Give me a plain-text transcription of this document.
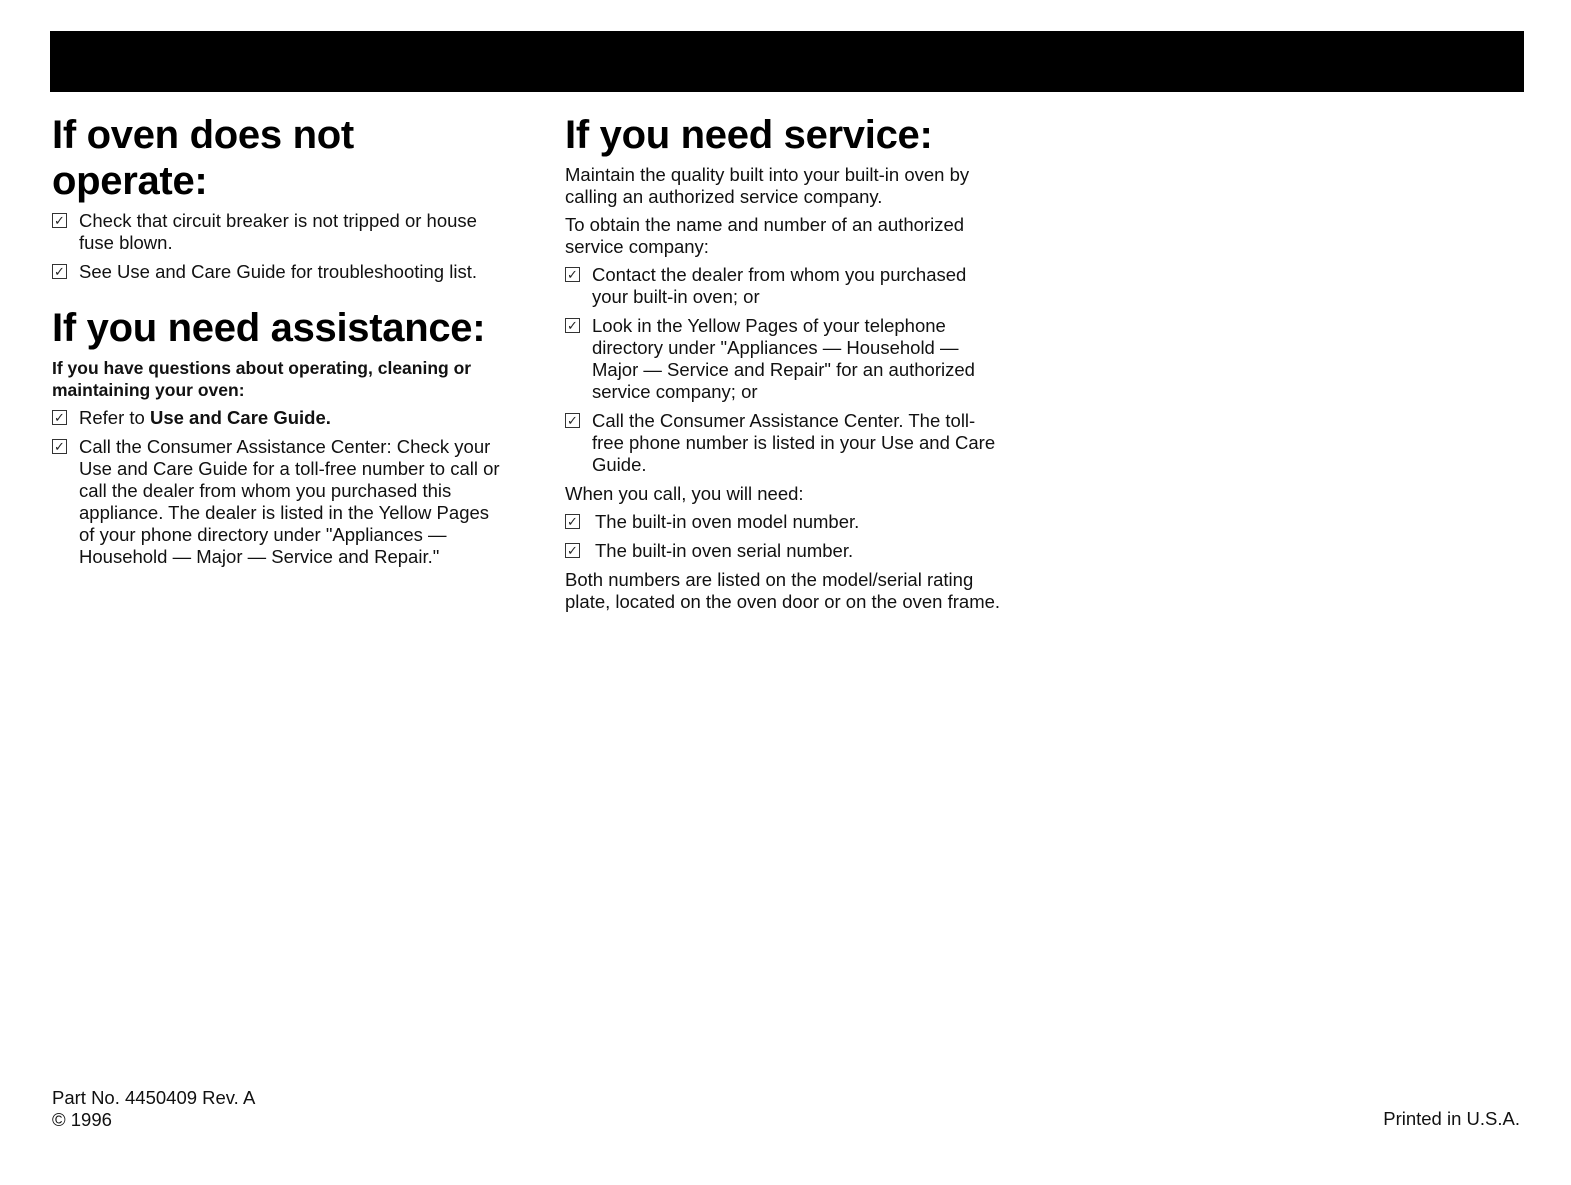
If oven does not operate:
✓ Check that circuit breaker is not tripped or house fuse blown.
✓ See Use and Care Guide for troubleshooting list.
If you need assistance:

If you have questions about operating, cleaning or maintaining your oven:

✓ Refer to Use and Care Guide.
✓ Call the Consumer Assistance Center: Check your Use and Care Guide for a toll-free number to call or call the dealer from whom you purchased this appliance. The dealer is listed in the Yellow Pages of your phone directory under "Appliances — Household — Major — Service and Repair."
If you need service:

Maintain the quality built into your built-in oven by calling an authorized service company.

To obtain the name and number of an authorized service company:

✓ Contact the dealer from whom you purchased your built-in oven; or
✓ Look in the Yellow Pages of your telephone directory under "Appliances — Household — Major — Service and Repair" for an authorized service company; or
✓ Call the Consumer Assistance Center. The toll-free phone number is listed in your Use and Care Guide.

When you call, you will need:

✓ The built-in oven model number.
✓ The built-in oven serial number.

Both numbers are listed on the model/serial rating plate, located on the oven door or on the oven frame.

Part No. 4450409 Rev. A
© 1996	Printed in U.S.A.
